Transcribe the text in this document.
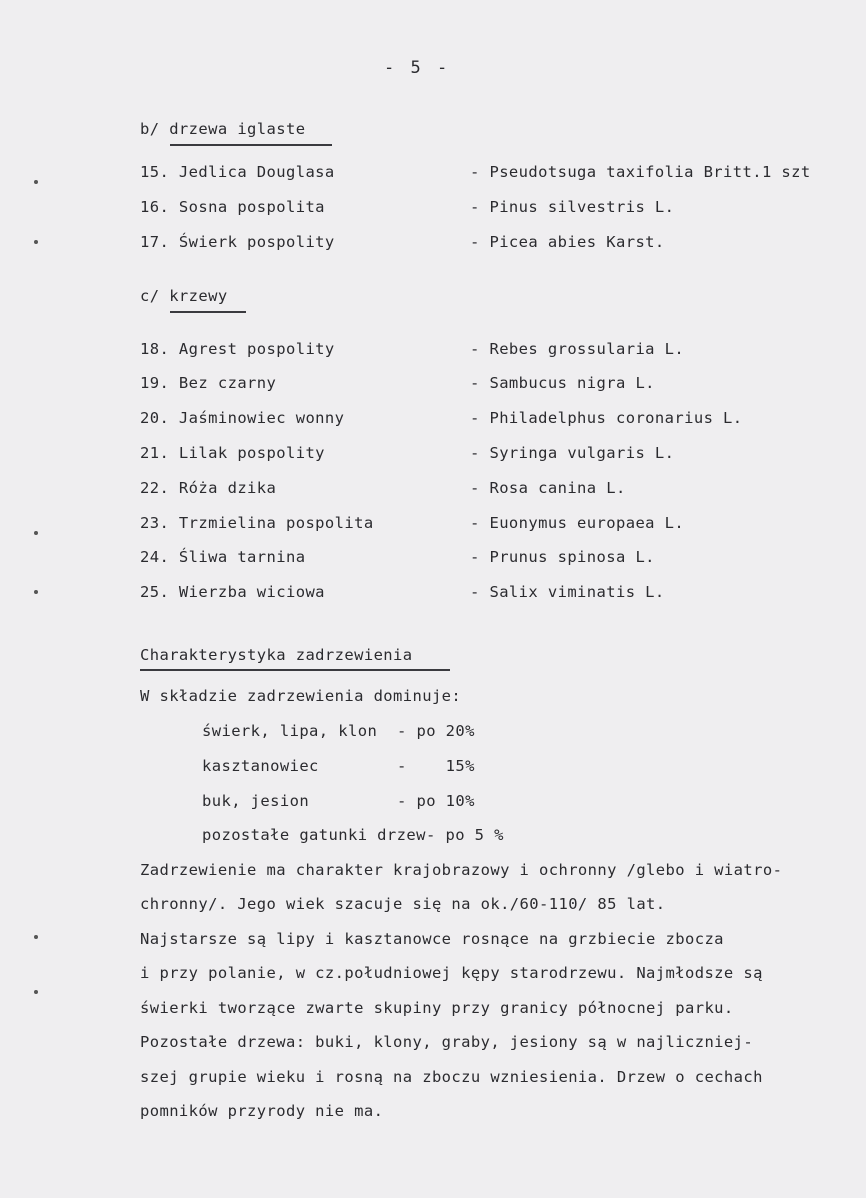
- 5 -
b/ drzewa iglaste
15. Jedlica Douglasa	- Pseudotsuga taxifolia Britt.1 szt
16. Sosna pospolita	- Pinus silvestris L.
17. Świerk pospolity	- Picea abies Karst.
c/ krzewy
18. Agrest pospolity	- Rebes grossularia L.
19. Bez czarny	- Sambucus nigra L.
20. Jaśminowiec wonny	- Philadelphus coronarius L.
21. Lilak pospolity	- Syringa vulgaris L.
22. Róża dzika	- Rosa canina L.
23. Trzmielina pospolita	- Euonymus europaea L.
24. Śliwa tarnina	- Prunus spinosa L.
25. Wierzba wiciowa	- Salix viminatis L.
Charakterystyka zadrzewienia
W składzie zadrzewienia dominuje:
świerk, lipa, klon - po 20%
kasztanowiec	-    15%
buk, jesion	- po 10%
pozostałe gatunki drzew - po 5 %
Zadrzewienie ma charakter krajobrazowy i ochronny /glebo i wiatro-
chronny/. Jego wiek szacuje się na ok./60-110/ 85 lat.
Najstarsze są lipy i kasztanowce rosnące na grzbiecie zbocza
i przy polanie, w cz.południowej kępy starodrzewu. Najmłodsze są
świerki tworzące zwarte skupiny przy granicy północnej parku.
Pozostałe drzewa: buki, klony, graby, jesiony są w najliczniej-
szej grupie wieku i rosną na zboczu wzniesienia. Drzew o cechach
pomników przyrody nie ma.
